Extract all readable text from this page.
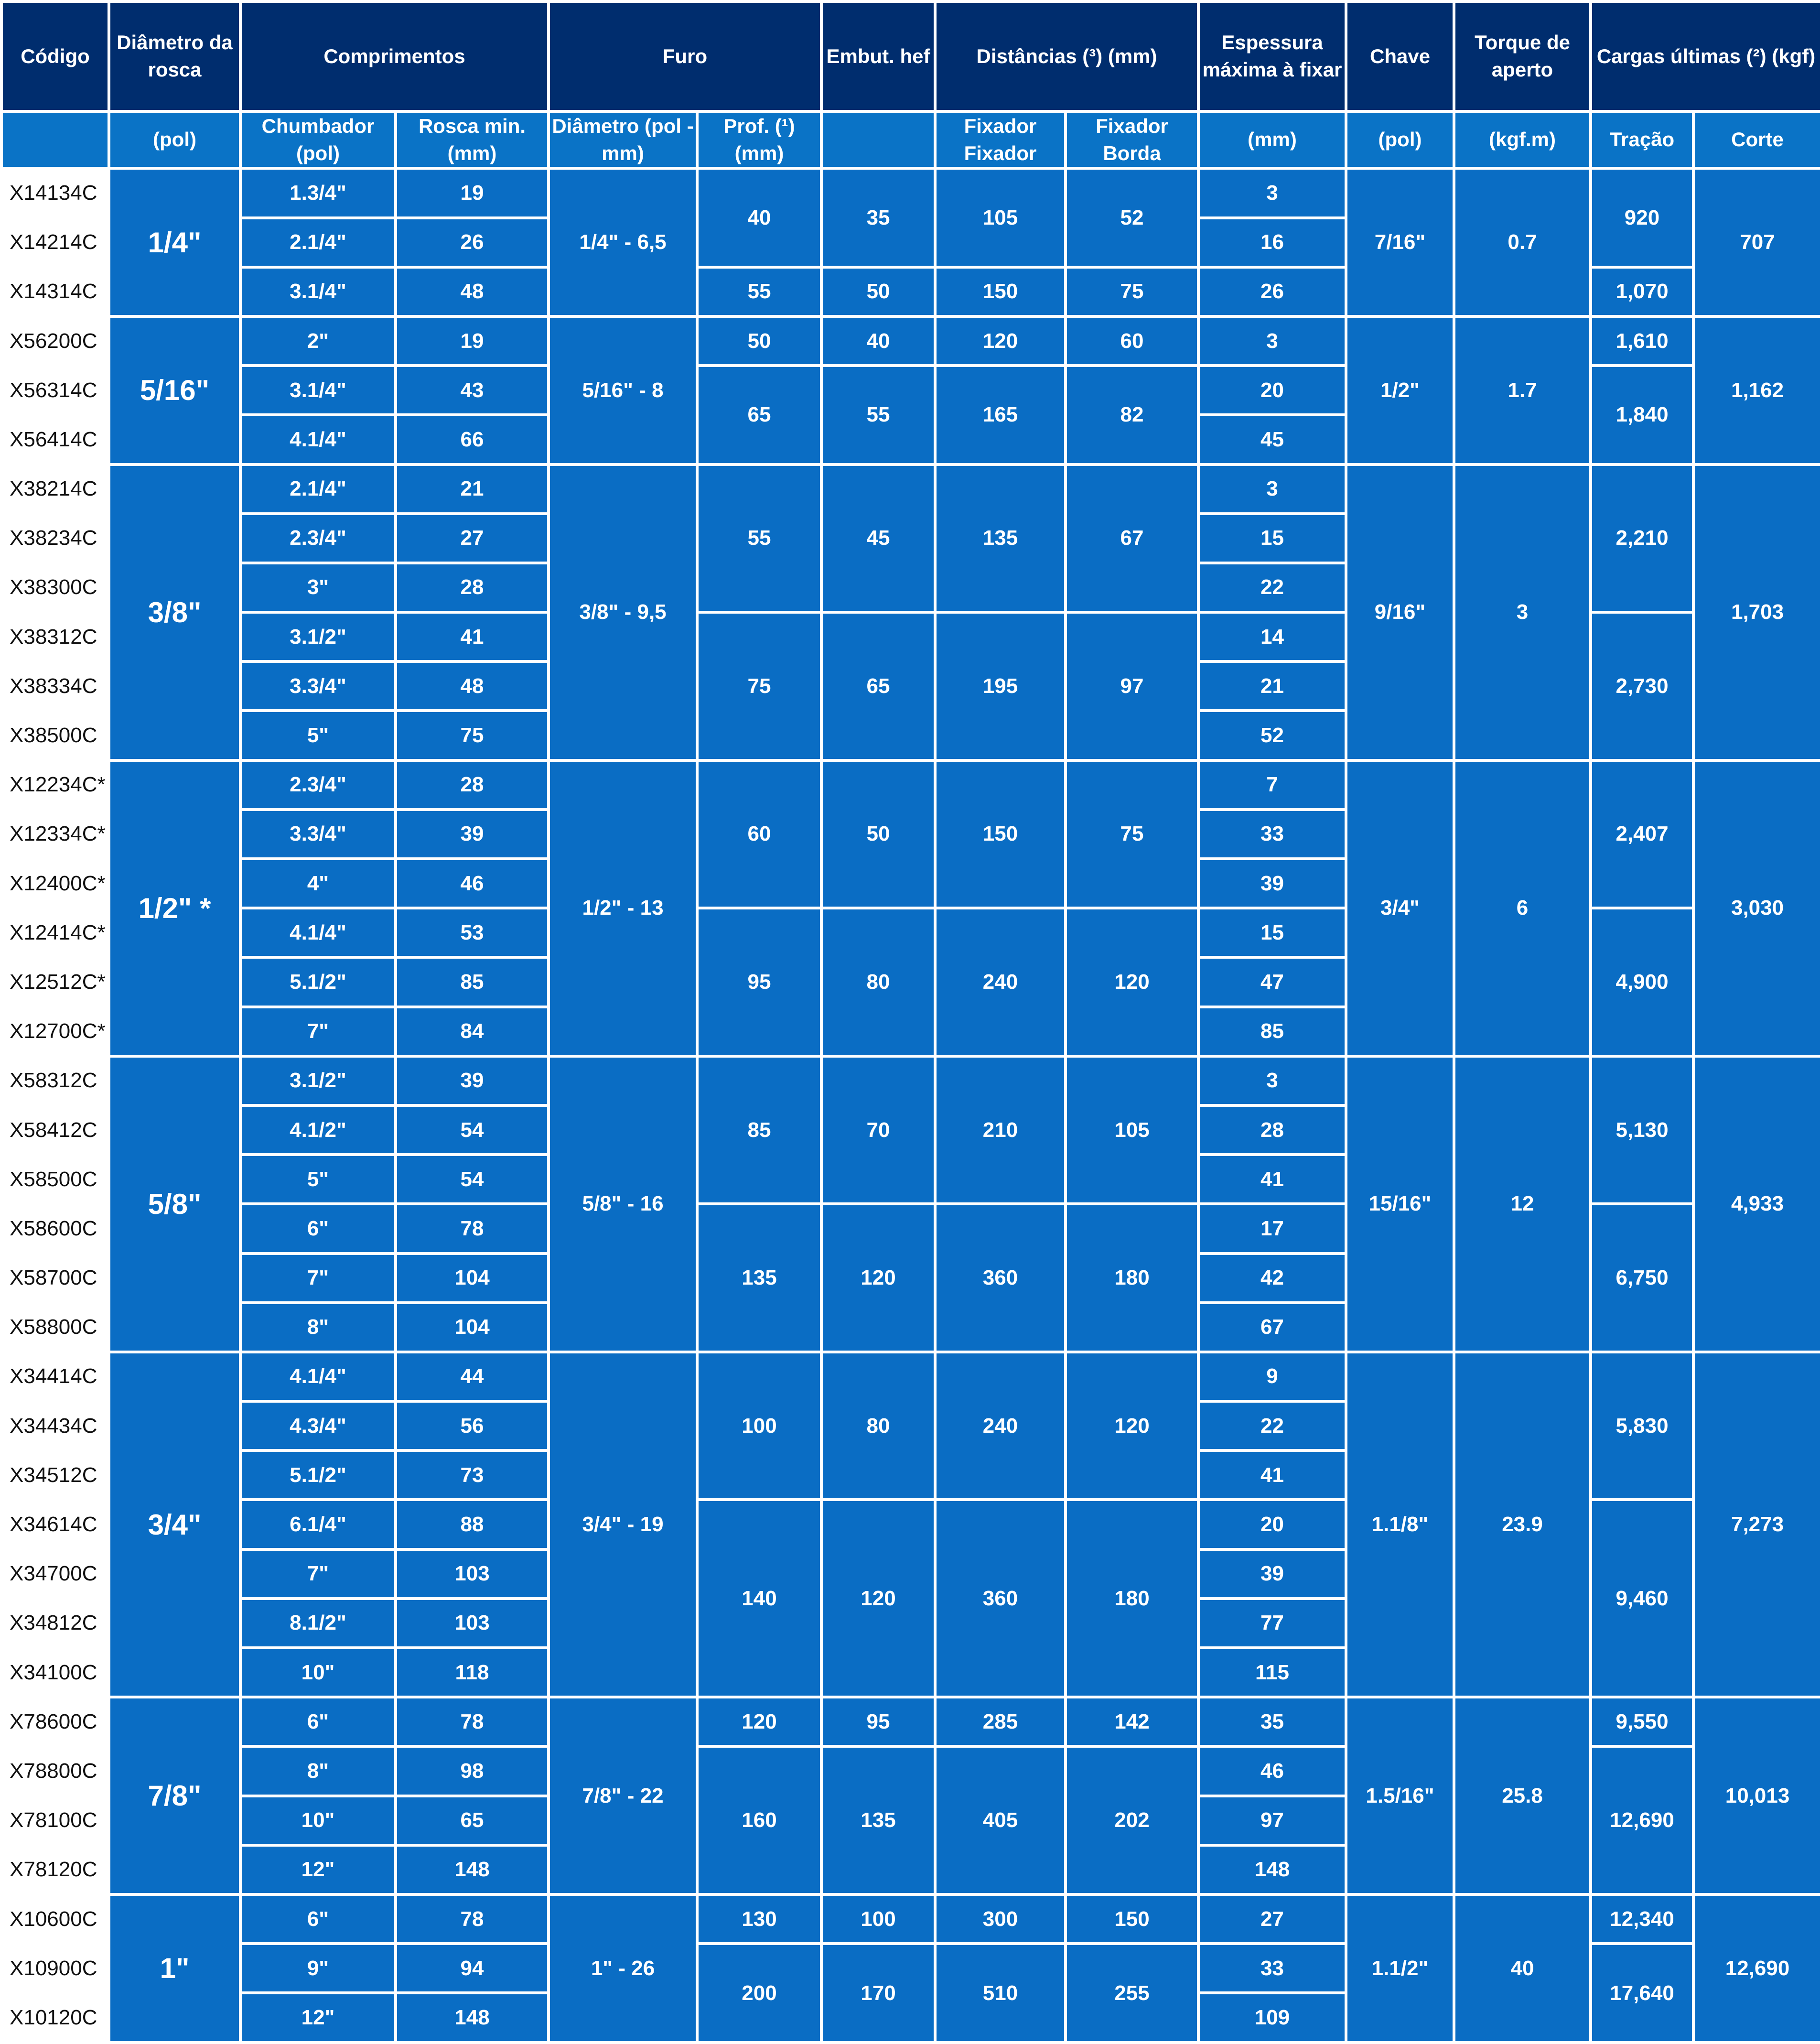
Código	Diâmetro da rosca	Comprimentos		Furo		Embut. hef	Distâncias (³) (mm)		Espessura máxima à fixar	Chave	Torque de aperto	Cargas últimas (²) (kgf)	
	(pol)	Chumbador (pol)	Rosca min. (mm)	Diâmetro (pol - mm)	Prof. (¹) (mm)		Fixador Fixador	Fixador Borda	(mm)	(pol)	(kgf.m)	Tração	Corte
X14134C	1/4"	1.3/4"	19	1/4" - 6,5	40	35	105	52	3	7/16"	0.7	920	707
X14214C		2.1/4"	26						16				
X14314C		3.1/4"	48		55	50	150	75	26			1,070	
X56200C	5/16"	2"	19	5/16" - 8	50	40	120	60	3	1/2"	1.7	1,610	1,162
X56314C		3.1/4"	43		65	55	165	82	20			1,840	
X56414C		4.1/4"	66						45				
X38214C	3/8"	2.1/4"	21	3/8" - 9,5	55	45	135	67	3	9/16"	3	2,210	1,703
X38234C		2.3/4"	27						15				
X38300C		3"	28						22				
X38312C		3.1/2"	41		75	65	195	97	14			2,730	
X38334C		3.3/4"	48						21				
X38500C		5"	75						52				
X12234C*	1/2" *	2.3/4"	28	1/2" - 13	60	50	150	75	7	3/4"	6	2,407	3,030
X12334C*		3.3/4"	39						33				
X12400C*		4"	46						39				
X12414C*		4.1/4"	53		95	80	240	120	15			4,900	
X12512C*		5.1/2"	85						47				
X12700C*		7"	84						85				
X58312C	5/8"	3.1/2"	39	5/8" - 16	85	70	210	105	3	15/16"	12	5,130	4,933
X58412C		4.1/2"	54						28				
X58500C		5"	54						41				
X58600C		6"	78		135	120	360	180	17			6,750	
X58700C		7"	104						42				
X58800C		8"	104						67				
X34414C	3/4"	4.1/4"	44	3/4" - 19	100	80	240	120	9	1.1/8"	23.9	5,830	7,273
X34434C		4.3/4"	56						22				
X34512C		5.1/2"	73						41				
X34614C		6.1/4"	88		140	120	360	180	20			9,460	
X34700C		7"	103						39				
X34812C		8.1/2"	103						77				
X34100C		10"	118						115				
X78600C	7/8"	6"	78	7/8" - 22	120	95	285	142	35	1.5/16"	25.8	9,550	10,013
X78800C		8"	98		160	135	405	202	46			12,690	
X78100C		10"	65						97				
X78120C		12"	148						148				
X10600C	1"	6"	78	1" - 26	130	100	300	150	27	1.1/2"	40	12,340	12,690
X10900C		9"	94		200	170	510	255	33			17,640	
X10120C		12"	148						109				
